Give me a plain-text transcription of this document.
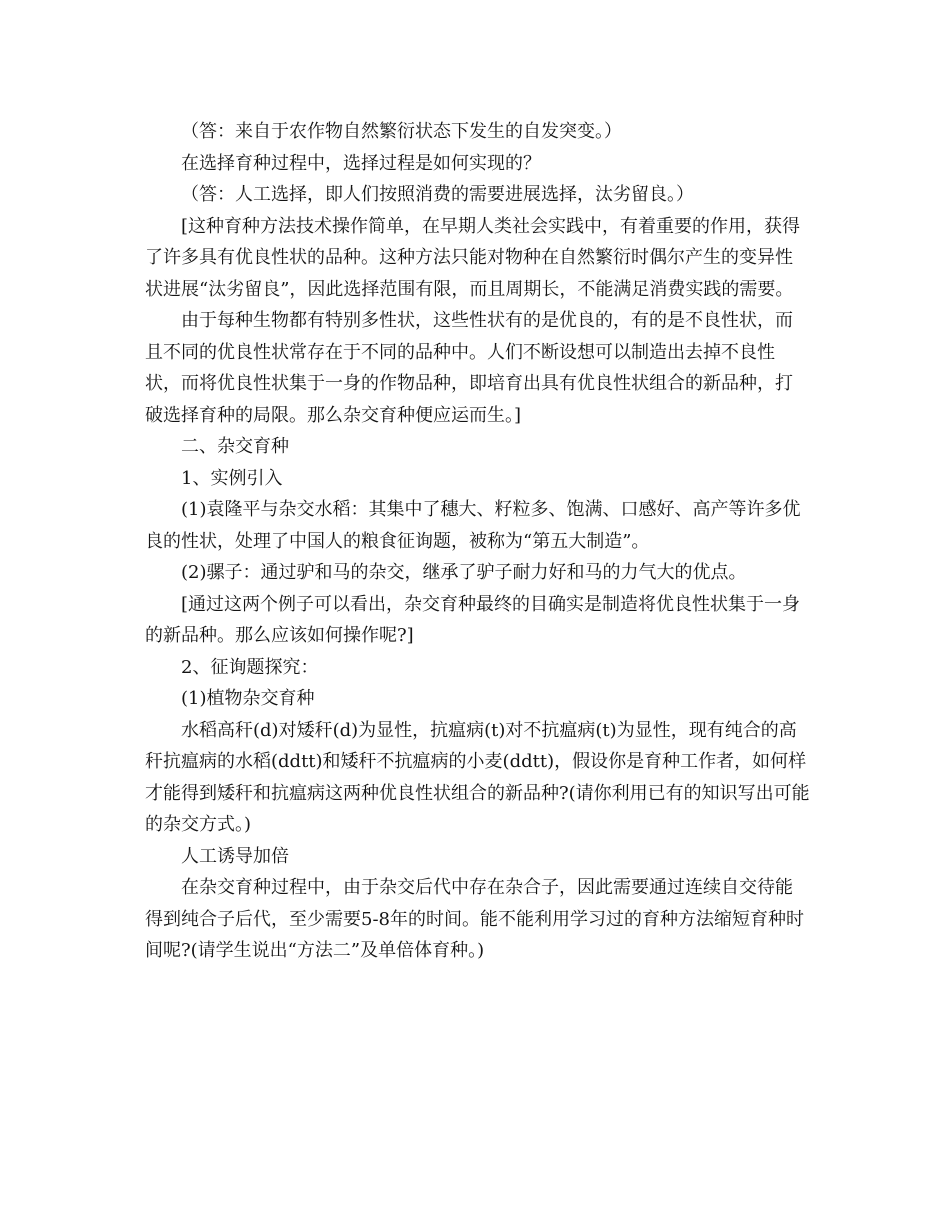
（答：来自于农作物自然繁衍状态下发生的自发突变。）

在选择育种过程中，选择过程是如何实现的？

（答：人工选择，即人们按照消费的需要进展选择，汰劣留良。）

[这种育种方法技术操作简单，在早期人类社会实践中，有着重要的作用，获得了许多具有优良性状的品种。这种方法只能对物种在自然繁衍时偶尔产生的变异性状进展“汰劣留良”，因此选择范围有限，而且周期长，不能满足消费实践的需要。

由于每种生物都有特别多性状，这些性状有的是优良的，有的是不良性状，而且不同的优良性状常存在于不同的品种中。人们不断设想可以制造出去掉不良性状，而将优良性状集于一身的作物品种，即培育出具有优良性状组合的新品种，打破选择育种的局限。那么杂交育种便应运而生。]

二、杂交育种

1、实例引入

(1)袁隆平与杂交水稻：其集中了穗大、籽粒多、饱满、口感好、高产等许多优良的性状，处理了中国人的粮食征询题，被称为“第五大制造”。

(2)骡子：通过驴和马的杂交，继承了驴子耐力好和马的力气大的优点。

[通过这两个例子可以看出，杂交育种最终的目确实是制造将优良性状集于一身的新品种。那么应该如何操作呢?]

2、征询题探究：

(1)植物杂交育种

水稻高秆(d)对矮秆(d)为显性，抗瘟病(t)对不抗瘟病(t)为显性，现有纯合的高秆抗瘟病的水稻(ddtt)和矮秆不抗瘟病的小麦(ddtt)，假设你是育种工作者，如何样才能得到矮秆和抗瘟病这两种优良性状组合的新品种?(请你利用已有的知识写出可能的杂交方式。)

人工诱导加倍

在杂交育种过程中，由于杂交后代中存在杂合子，因此需要通过连续自交待能得到纯合子后代，至少需要5-8年的时间。能不能利用学习过的育种方法缩短育种时间呢?(请学生说出“方法二”及单倍体育种。)
